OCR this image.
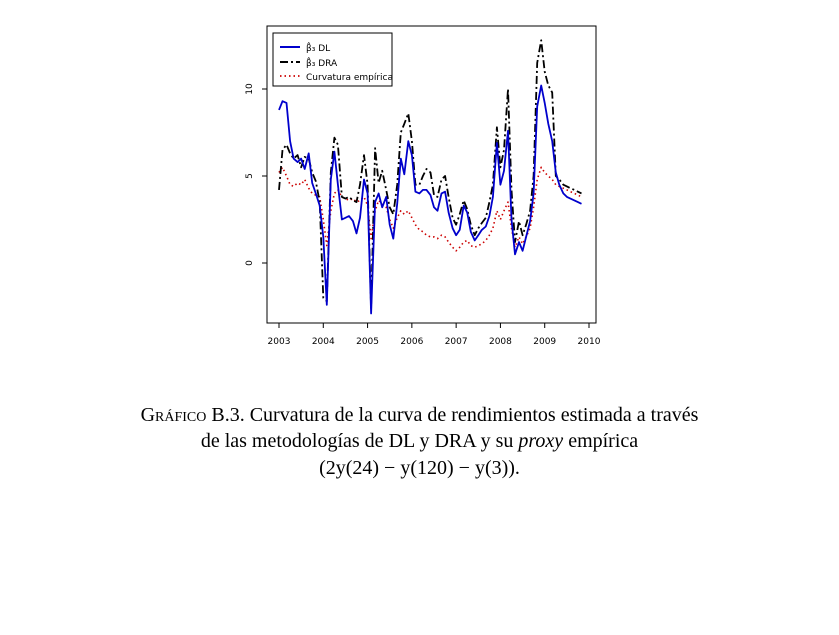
2003 2004 2005 2006 2007 2008 2009 2010
0
5
10
β̂₃ DL
β̂₃ DRA
Curvatura empírica
Gráfico B.3. Curvatura de la curva de rendimientos estimada a través
de las metodologías de DL y DRA y su proxy empírica
(2y(24) − y(120) − y(3)).
